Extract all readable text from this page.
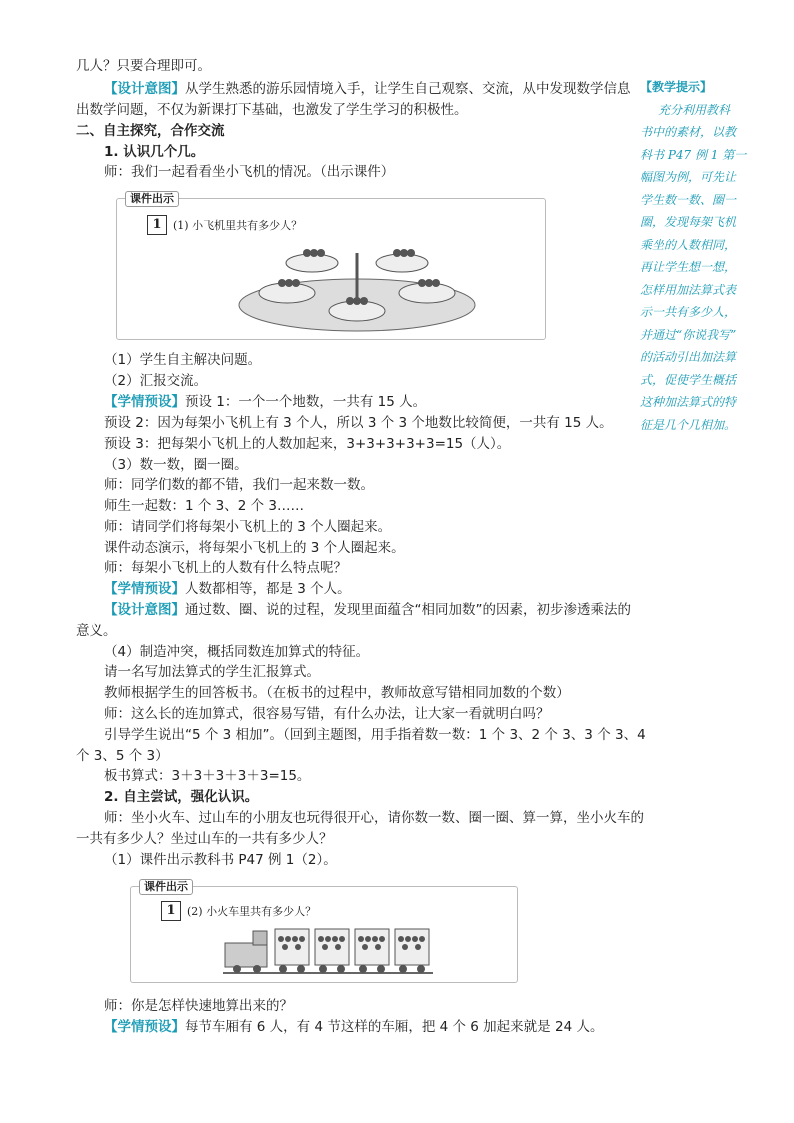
几人？只要合理即可。
【设计意图】从学生熟悉的游乐园情境入手，让学生自己观察、交流，从中发现数学信息
出数学问题，不仅为新课打下基础，也激发了学生学习的积极性。
二、自主探究，合作交流
1. 认识几个几。
师：我们一起看看坐小飞机的情况。（出示课件）
课件出示
1	(1) 小飞机里共有多少人？
（1）学生自主解决问题。
（2）汇报交流。
【学情预设】预设 1：一个一个地数，一共有 15 人。
预设 2：因为每架小飞机上有 3 个人，所以 3 个 3 个地数比较简便，一共有 15 人。
预设 3：把每架小飞机上的人数加起来，3+3+3+3+3=15（人）。
（3）数一数，圈一圈。
师：同学们数的都不错，我们一起来数一数。
师生一起数：1 个 3、2 个 3……
师：请同学们将每架小飞机上的 3 个人圈起来。
课件动态演示，将每架小飞机上的 3 个人圈起来。
师：每架小飞机上的人数有什么特点呢？
【学情预设】人数都相等，都是 3 个人。
【设计意图】通过数、圈、说的过程，发现里面蕴含“相同加数”的因素，初步渗透乘法的
意义。
（4）制造冲突，概括同数连加算式的特征。
请一名写加法算式的学生汇报算式。
教师根据学生的回答板书。（在板书的过程中，教师故意写错相同加数的个数）
师：这么长的连加算式，很容易写错，有什么办法，让大家一看就明白吗？
引导学生说出“5 个 3 相加”。（回到主题图，用手指着数一数：1 个 3、2 个 3、3 个 3、4
个 3、5 个 3）
板书算式：3＋3＋3＋3＋3=15。
2. 自主尝试，强化认识。
师：坐小火车、过山车的小朋友也玩得很开心，请你数一数、圈一圈、算一算，坐小火车的
一共有多少人？坐过山车的一共有多少人？
（1）课件出示教科书 P47 例 1（2）。
课件出示
1	(2) 小火车里共有多少人？
师：你是怎样快速地算出来的？
【学情预设】每节车厢有 6 人，有 4 节这样的车厢，把 4 个 6 加起来就是 24 人。
【教学提示】
充分利用教科
书中的素材，以教
科书 P47 例 1 第一
幅图为例，可先让
学生数一数、圈一
圈，发现每架飞机
乘坐的人数相同，
再让学生想一想，
怎样用加法算式表
示一共有多少人，
并通过“你说我写”
的活动引出加法算
式，促使学生概括
这种加法算式的特
征是几个几相加。
